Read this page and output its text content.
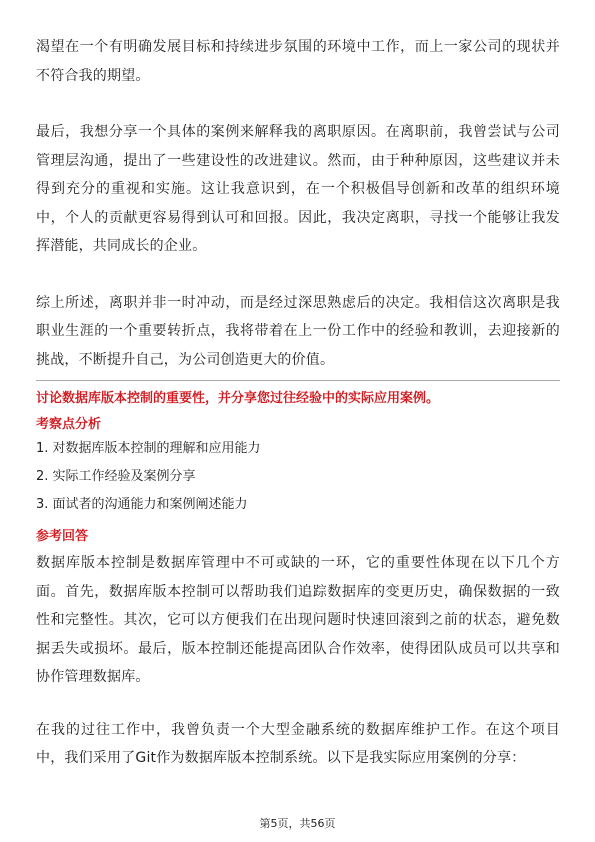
渴望在一个有明确发展目标和持续进步氛围的环境中工作，而上一家公司的现状并不符合我的期望。

最后，我想分享一个具体的案例来解释我的离职原因。在离职前，我曾尝试与公司管理层沟通，提出了一些建设性的改进建议。然而，由于种种原因，这些建议并未得到充分的重视和实施。这让我意识到，在一个积极倡导创新和改革的组织环境中，个人的贡献更容易得到认可和回报。因此，我决定离职，寻找一个能够让我发挥潜能，共同成长的企业。

综上所述，离职并非一时冲动，而是经过深思熟虑后的决定。我相信这次离职是我职业生涯的一个重要转折点，我将带着在上一份工作中的经验和教训，去迎接新的挑战，不断提升自己，为公司创造更大的价值。

讨论数据库版本控制的重要性，并分享您过往经验中的实际应用案例。

考察点分析

1. 对数据库版本控制的理解和应用能力
2. 实际工作经验及案例分享
3. 面试者的沟通能力和案例阐述能力

参考回答

数据库版本控制是数据库管理中不可或缺的一环，它的重要性体现在以下几个方面。首先，数据库版本控制可以帮助我们追踪数据库的变更历史，确保数据的一致性和完整性。其次，它可以方便我们在出现问题时快速回滚到之前的状态，避免数据丢失或损坏。最后，版本控制还能提高团队合作效率，使得团队成员可以共享和协作管理数据库。

在我的过往工作中，我曾负责一个大型金融系统的数据库维护工作。在这个项目中，我们采用了Git作为数据库版本控制系统。以下是我实际应用案例的分享：

第5页，共56页
